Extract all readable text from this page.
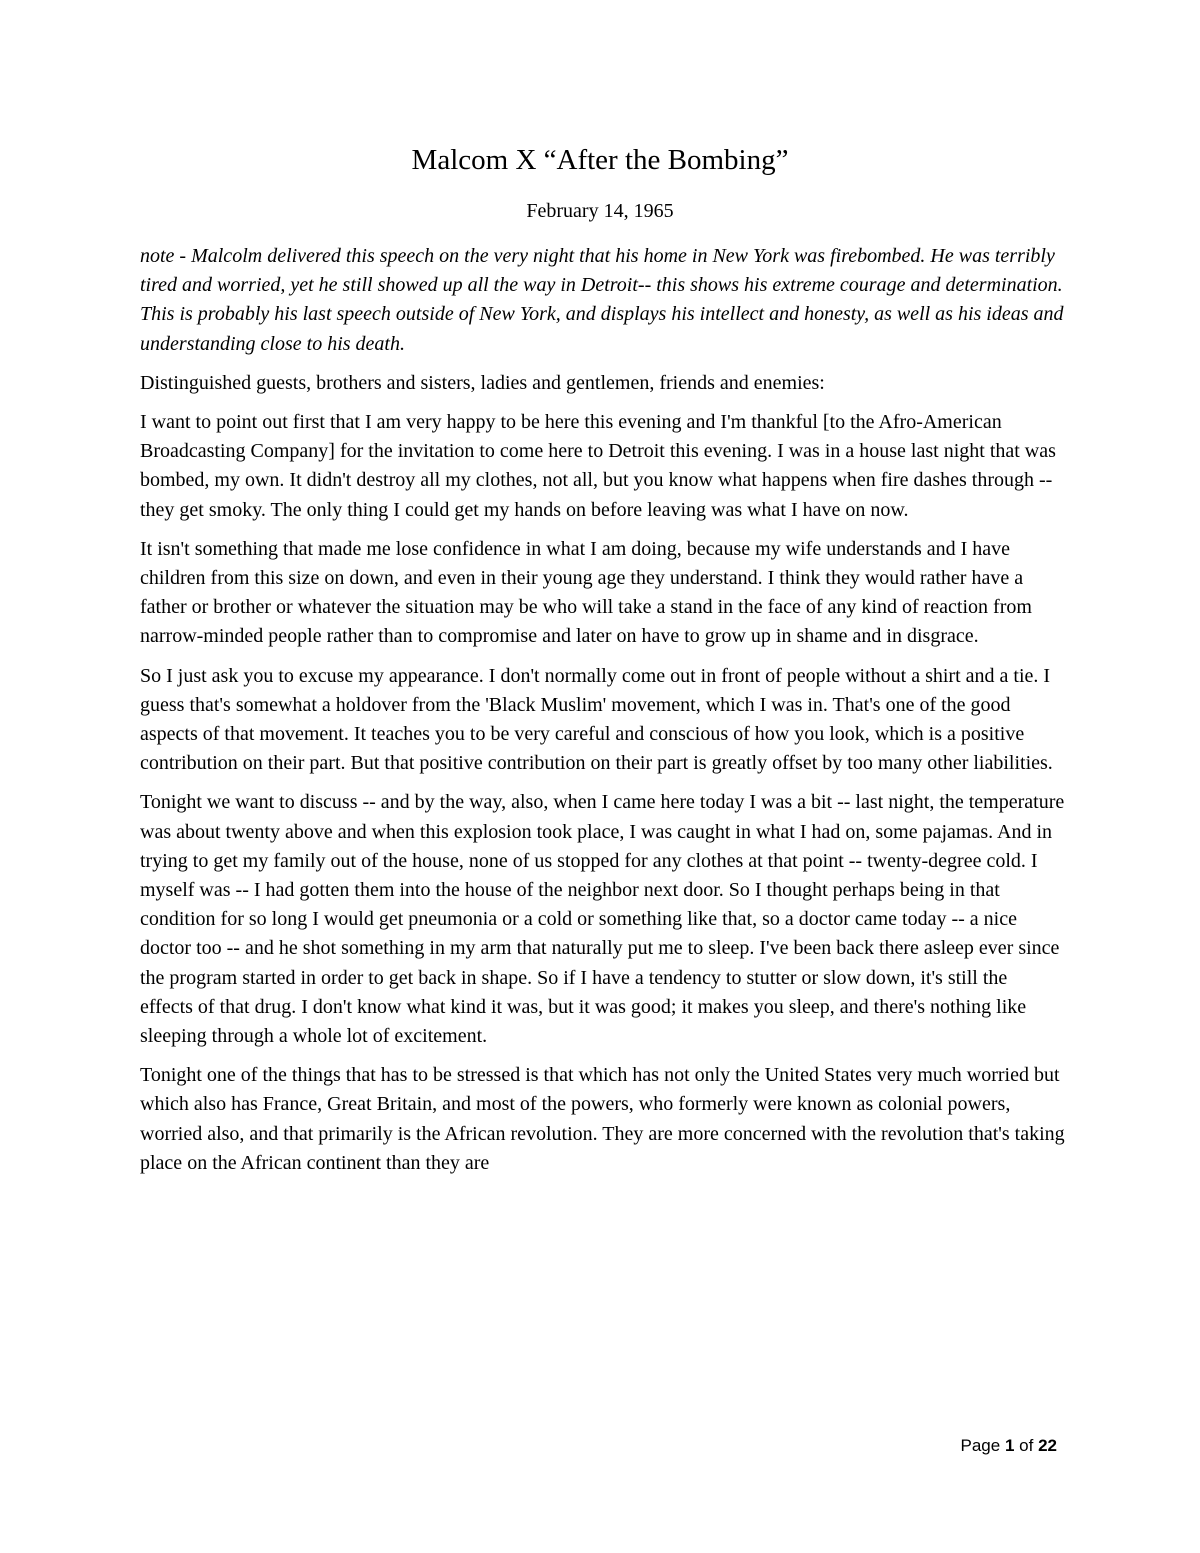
Malcom X “After the Bombing”
February 14, 1965

note - Malcolm delivered this speech on the very night that his home in New York was firebombed. He was terribly tired and worried, yet he still showed up all the way in Detroit-- this shows his extreme courage and determination. This is probably his last speech outside of New York, and displays his intellect and honesty, as well as his ideas and understanding close to his death.

Distinguished guests, brothers and sisters, ladies and gentlemen, friends and enemies:

I want to point out first that I am very happy to be here this evening and I'm thankful [to the Afro-American Broadcasting Company] for the invitation to come here to Detroit this evening. I was in a house last night that was bombed, my own. It didn't destroy all my clothes, not all, but you know what happens when fire dashes through -- they get smoky. The only thing I could get my hands on before leaving was what I have on now.

It isn't something that made me lose confidence in what I am doing, because my wife understands and I have children from this size on down, and even in their young age they understand. I think they would rather have a father or brother or whatever the situation may be who will take a stand in the face of any kind of reaction from narrow-minded people rather than to compromise and later on have to grow up in shame and in disgrace.

So I just ask you to excuse my appearance. I don't normally come out in front of people without a shirt and a tie. I guess that's somewhat a holdover from the 'Black Muslim' movement, which I was in. That's one of the good aspects of that movement. It teaches you to be very careful and conscious of how you look, which is a positive contribution on their part. But that positive contribution on their part is greatly offset by too many other liabilities.

Tonight we want to discuss -- and by the way, also, when I came here today I was a bit -- last night, the temperature was about twenty above and when this explosion took place, I was caught in what I had on, some pajamas. And in trying to get my family out of the house, none of us stopped for any clothes at that point -- twenty-degree cold. I myself was -- I had gotten them into the house of the neighbor next door. So I thought perhaps being in that condition for so long I would get pneumonia or a cold or something like that, so a doctor came today -- a nice doctor too -- and he shot something in my arm that naturally put me to sleep. I've been back there asleep ever since the program started in order to get back in shape. So if I have a tendency to stutter or slow down, it's still the effects of that drug. I don't know what kind it was, but it was good; it makes you sleep, and there's nothing like sleeping through a whole lot of excitement.

Tonight one of the things that has to be stressed is that which has not only the United States very much worried but which also has France, Great Britain, and most of the powers, who formerly were known as colonial powers, worried also, and that primarily is the African revolution. They are more concerned with the revolution that's taking place on the African continent than they are

Page 1 of 22
